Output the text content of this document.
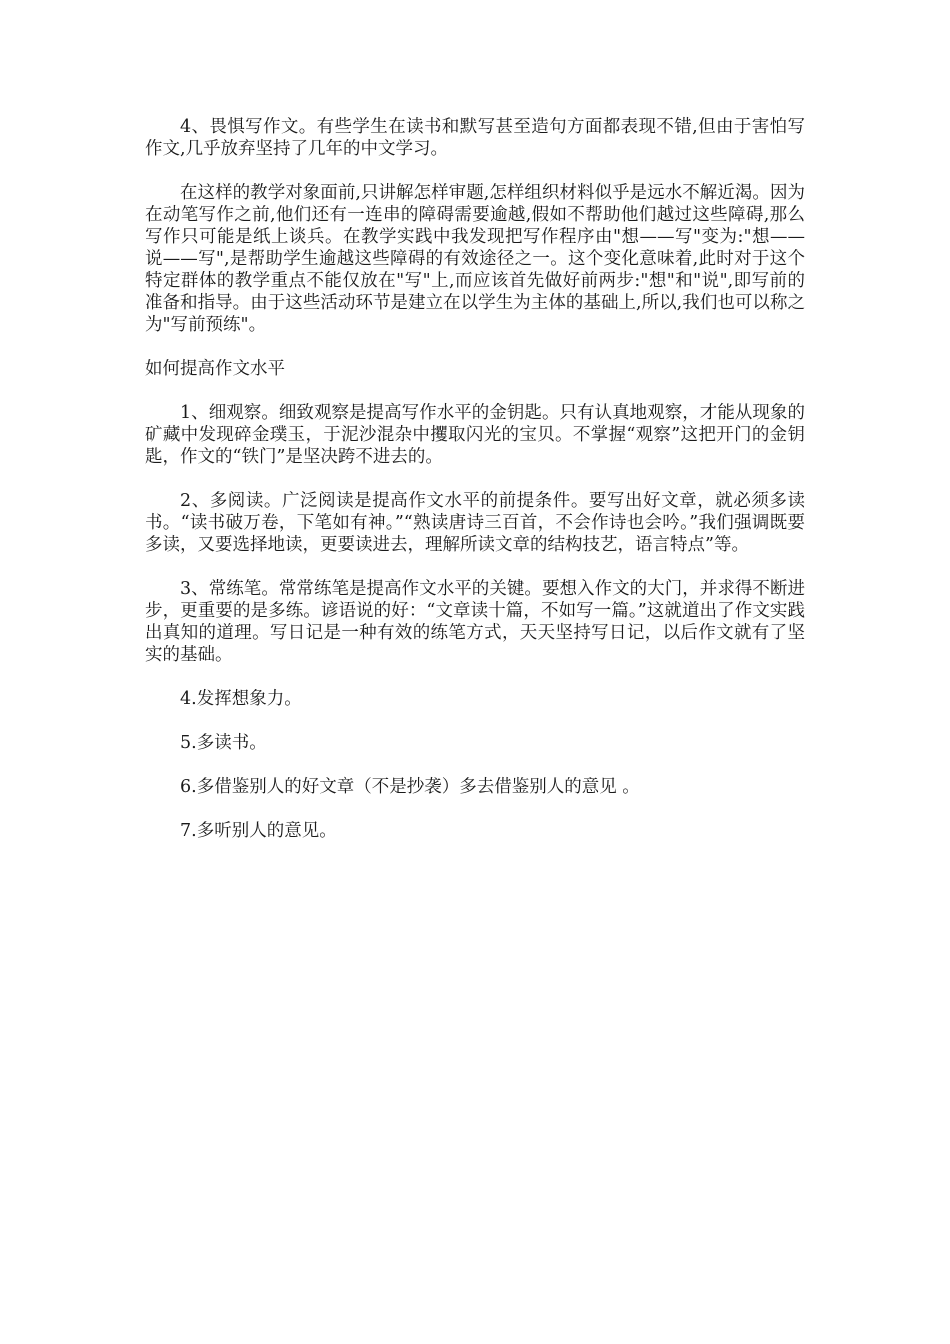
4、畏惧写作文。有些学生在读书和默写甚至造句方面都表现不错,但由于害怕写作文,几乎放弃坚持了几年的中文学习。

在这样的教学对象面前,只讲解怎样审题,怎样组织材料似乎是远水不解近渴。因为在动笔写作之前,他们还有一连串的障碍需要逾越,假如不帮助他们越过这些障碍,那么写作只可能是纸上谈兵。在教学实践中我发现把写作程序由"想——写"变为:"想——说——写",是帮助学生逾越这些障碍的有效途径之一。这个变化意味着,此时对于这个特定群体的教学重点不能仅放在"写"上,而应该首先做好前两步:"想"和"说",即写前的准备和指导。由于这些活动环节是建立在以学生为主体的基础上,所以,我们也可以称之为"写前预练"。

如何提高作文水平

1、细观察。细致观察是提高写作水平的金钥匙。只有认真地观察，才能从现象的矿藏中发现碎金璞玉，于泥沙混杂中攫取闪光的宝贝。不掌握“观察”这把开门的金钥匙，作文的“铁门”是坚决跨不进去的。

2、多阅读。广泛阅读是提高作文水平的前提条件。要写出好文章，就必须多读书。“读书破万卷，下笔如有神。”“熟读唐诗三百首，不会作诗也会吟。”我们强调既要多读，又要选择地读，更要读进去，理解所读文章的结构技艺，语言特点”等。

3、常练笔。常常练笔是提高作文水平的关键。要想入作文的大门，并求得不断进步，更重要的是多练。谚语说的好：“文章读十篇，不如写一篇。”这就道出了作文实践出真知的道理。写日记是一种有效的练笔方式，天天坚持写日记，以后作文就有了坚实的基础。

4.发挥想象力。

5.多读书。

6.多借鉴别人的好文章（不是抄袭）多去借鉴别人的意见 。

7.多听别人的意见。
